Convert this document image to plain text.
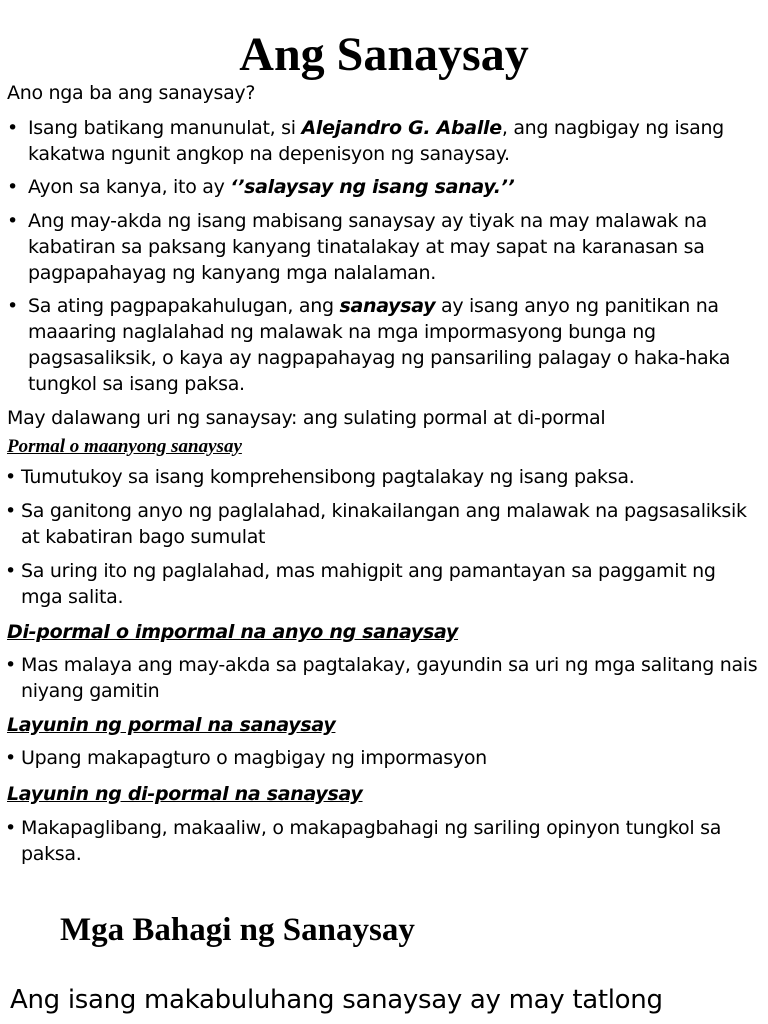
Ang Sanaysay

Ano nga ba ang sanaysay?

• Isang batikang manunulat, si Alejandro G. Aballe, ang nagbigay ng isang kakatwa ngunit angkop na depenisyon ng sanaysay.
• Ayon sa kanya, ito ay ‘’salaysay ng isang sanay.’’
• Ang may-akda ng isang mabisang sanaysay ay tiyak na may malawak na kabatiran sa paksang kanyang tinatalakay at may sapat na karanasan sa pagpapahayag ng kanyang mga nalalaman.
• Sa ating pagpapakahulugan, ang sanaysay ay isang anyo ng panitikan na maaaring naglalahad ng malawak na mga impormasyong bunga ng pagsasaliksik, o kaya ay nagpapahayag ng pansariling palagay o haka-haka tungkol sa isang paksa.

May dalawang uri ng sanaysay: ang sulating pormal at di-pormal

Pormal o maanyong sanaysay

• Tumutukoy sa isang komprehensibong pagtalakay ng isang paksa.
• Sa ganitong anyo ng paglalahad, kinakailangan ang malawak na pagsasaliksik at kabatiran bago sumulat
• Sa uring ito ng paglalahad, mas mahigpit ang pamantayan sa paggamit ng mga salita.

Di-pormal o impormal na anyo ng sanaysay

• Mas malaya ang may-akda sa pagtalakay, gayundin sa uri ng mga salitang nais niyang gamitin

Layunin ng pormal na sanaysay

• Upang makapagturo o magbigay ng impormasyon

Layunin ng di-pormal na sanaysay

• Makapaglibang, makaaliw, o makapagbahagi ng sariling opinyon tungkol sa paksa.
Mga Bahagi ng Sanaysay

Ang isang makabuluhang sanaysay ay may tatlong
